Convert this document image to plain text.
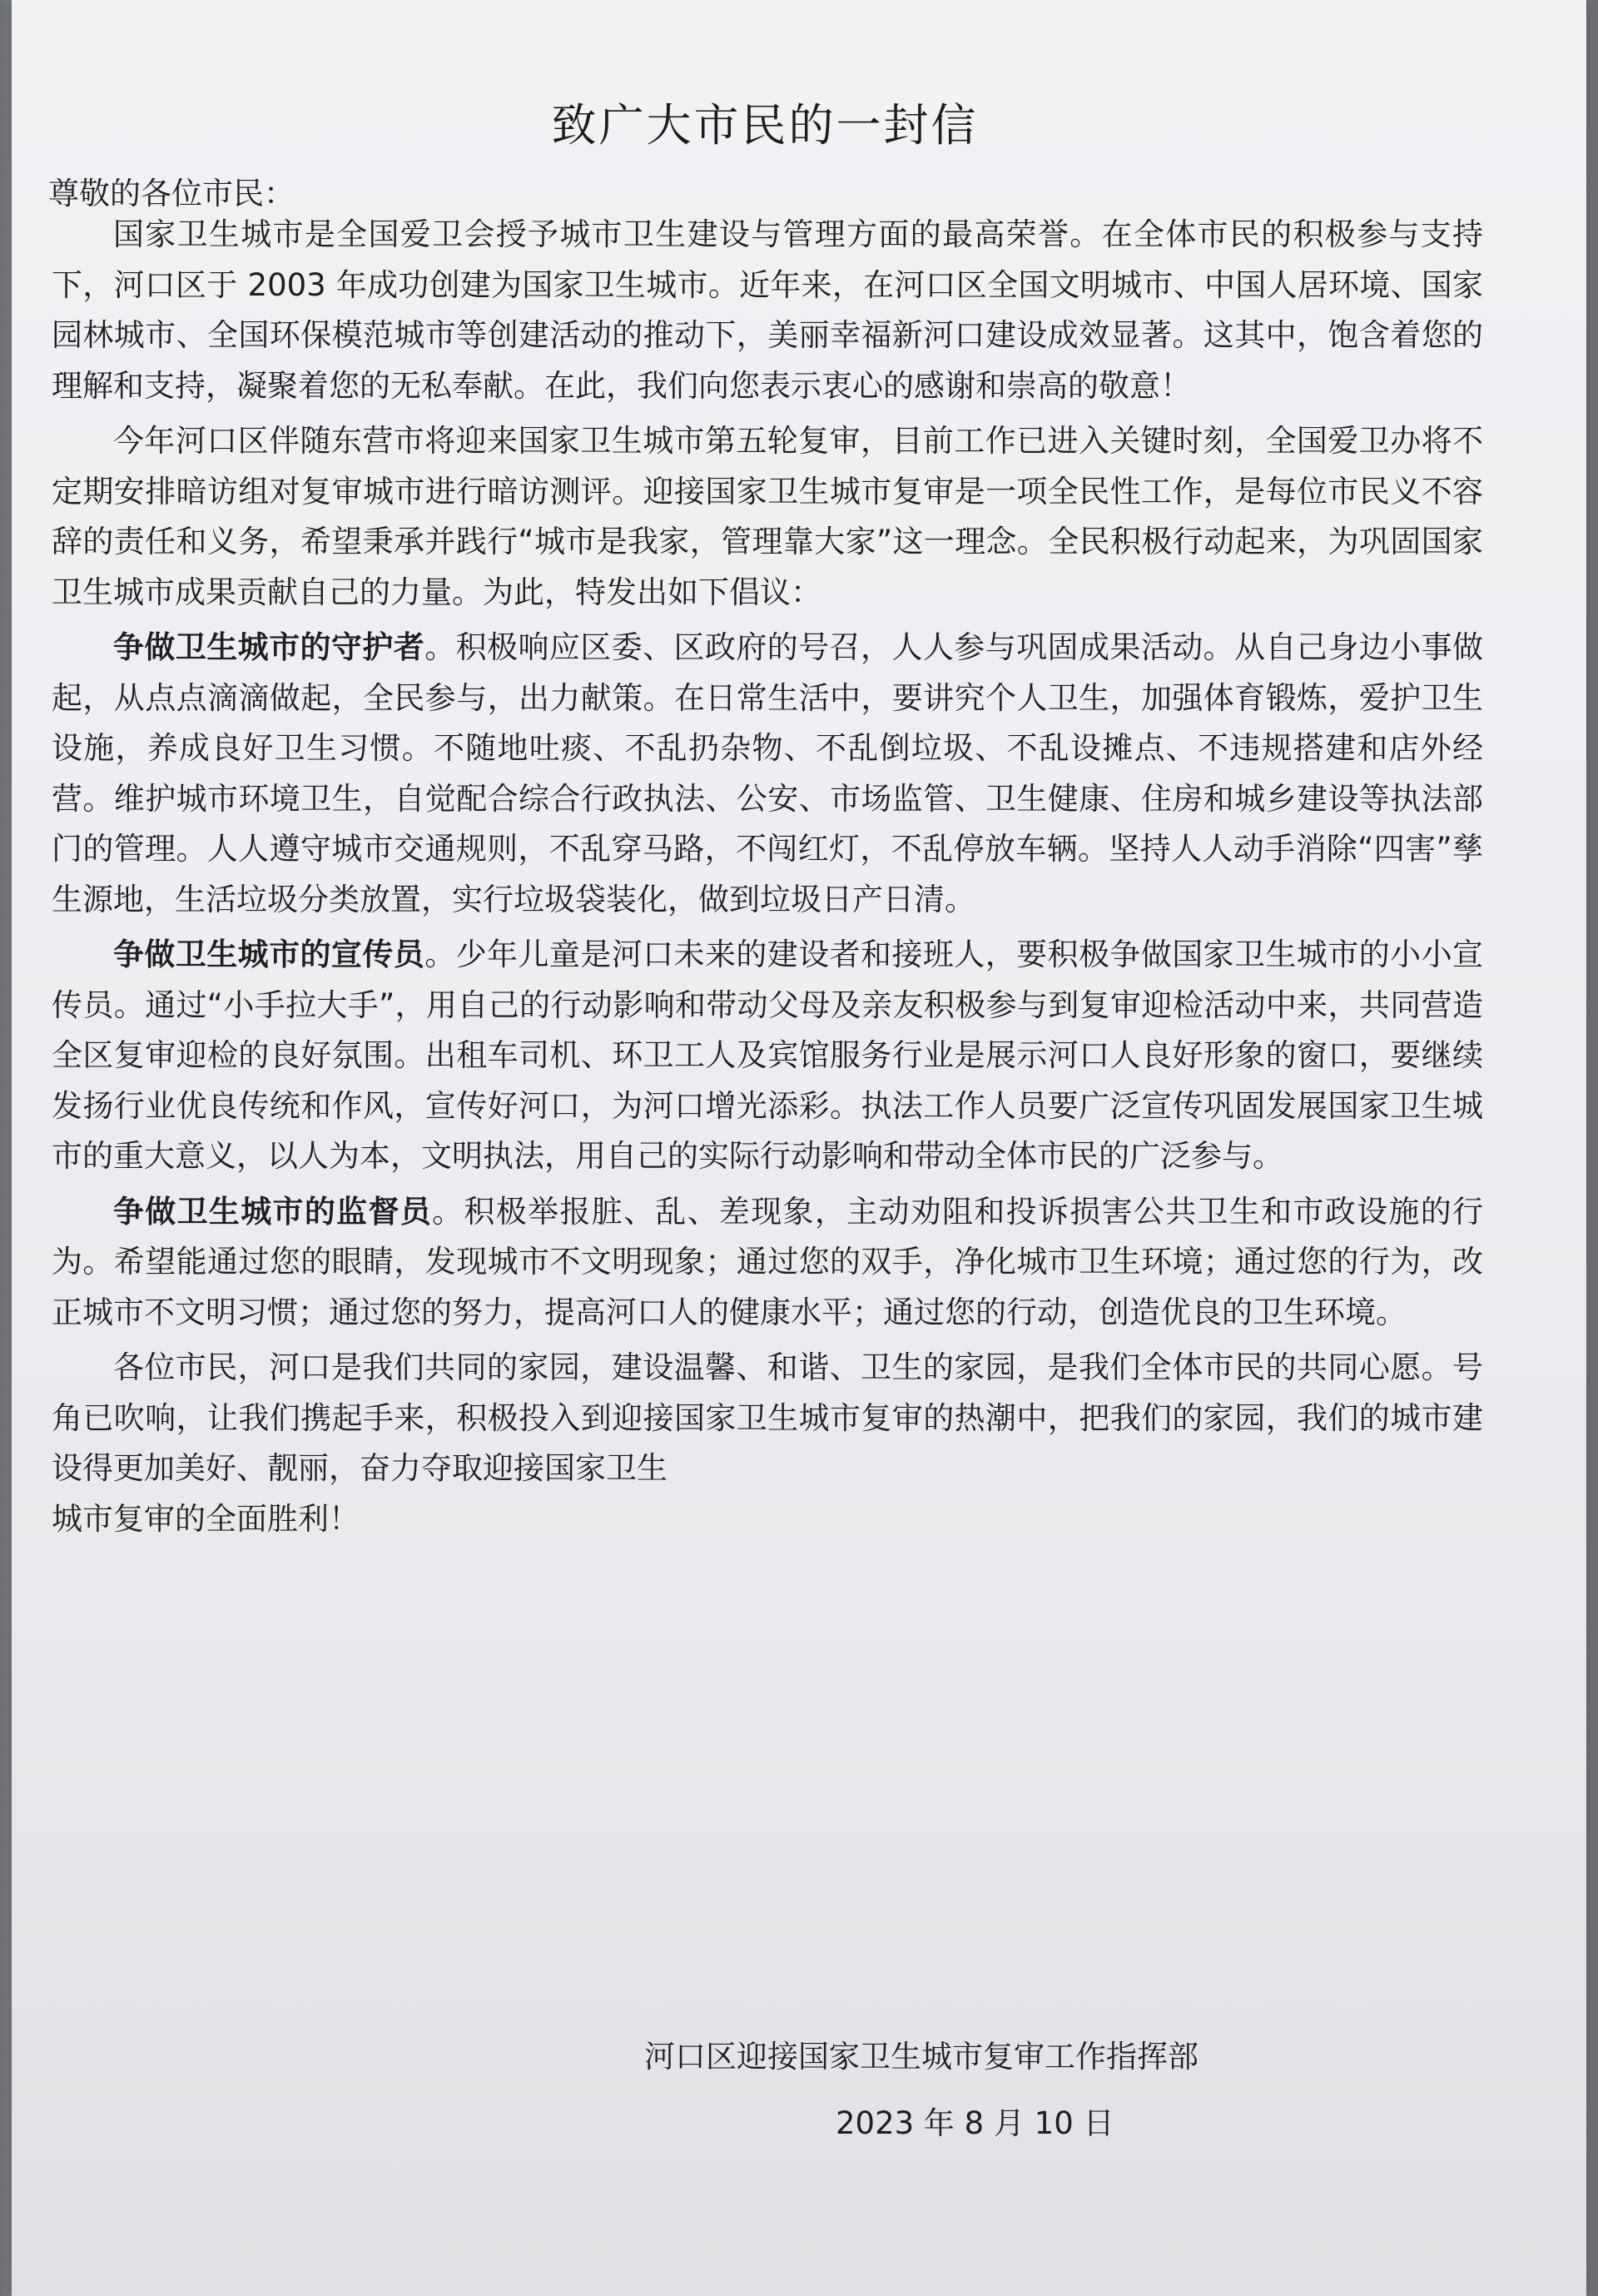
致广大市民的一封信
尊敬的各位市民：

国家卫生城市是全国爱卫会授予城市卫生建设与管理方面的最高荣誉。在全体市民的积极参与支持下，河口区于 2003 年成功创建为国家卫生城市。近年来，在河口区全国文明城市、中国人居环境、国家园林城市、全国环保模范城市等创建活动的推动下，美丽幸福新河口建设成效显著。这其中，饱含着您的理解和支持，凝聚着您的无私奉献。在此，我们向您表示衷心的感谢和崇高的敬意！

今年河口区伴随东营市将迎来国家卫生城市第五轮复审，目前工作已进入关键时刻，全国爱卫办将不定期安排暗访组对复审城市进行暗访测评。迎接国家卫生城市复审是一项全民性工作，是每位市民义不容辞的责任和义务，希望秉承并践行“城市是我家，管理靠大家”这一理念。全民积极行动起来，为巩固国家卫生城市成果贡献自己的力量。为此，特发出如下倡议：

争做卫生城市的守护者。积极响应区委、区政府的号召，人人参与巩固成果活动。从自己身边小事做起，从点点滴滴做起，全民参与，出力献策。在日常生活中，要讲究个人卫生，加强体育锻炼，爱护卫生设施，养成良好卫生习惯。不随地吐痰、不乱扔杂物、不乱倒垃圾、不乱设摊点、不违规搭建和店外经营。维护城市环境卫生，自觉配合综合行政执法、公安、市场监管、卫生健康、住房和城乡建设等执法部门的管理。人人遵守城市交通规则，不乱穿马路，不闯红灯，不乱停放车辆。坚持人人动手消除“四害”孳生源地，生活垃圾分类放置，实行垃圾袋装化，做到垃圾日产日清。

争做卫生城市的宣传员。少年儿童是河口未来的建设者和接班人，要积极争做国家卫生城市的小小宣传员。通过“小手拉大手”，用自己的行动影响和带动父母及亲友积极参与到复审迎检活动中来，共同营造全区复审迎检的良好氛围。出租车司机、环卫工人及宾馆服务行业是展示河口人良好形象的窗口，要继续发扬行业优良传统和作风，宣传好河口，为河口增光添彩。执法工作人员要广泛宣传巩固发展国家卫生城市的重大意义，以人为本，文明执法，用自己的实际行动影响和带动全体市民的广泛参与。

争做卫生城市的监督员。积极举报脏、乱、差现象，主动劝阻和投诉损害公共卫生和市政设施的行为。希望能通过您的眼睛，发现城市不文明现象；通过您的双手，净化城市卫生环境；通过您的行为，改正城市不文明习惯；通过您的努力，提高河口人的健康水平；通过您的行动，创造优良的卫生环境。

各位市民，河口是我们共同的家园，建设温馨、和谐、卫生的家园，是我们全体市民的共同心愿。号角已吹响，让我们携起手来，积极投入到迎接国家卫生城市复审的热潮中，把我们的家园，我们的城市建设得更加美好、靓丽，奋力夺取迎接国家卫生

城市复审的全面胜利！

河口区迎接国家卫生城市复审工作指挥部
2023 年 8 月 10 日
